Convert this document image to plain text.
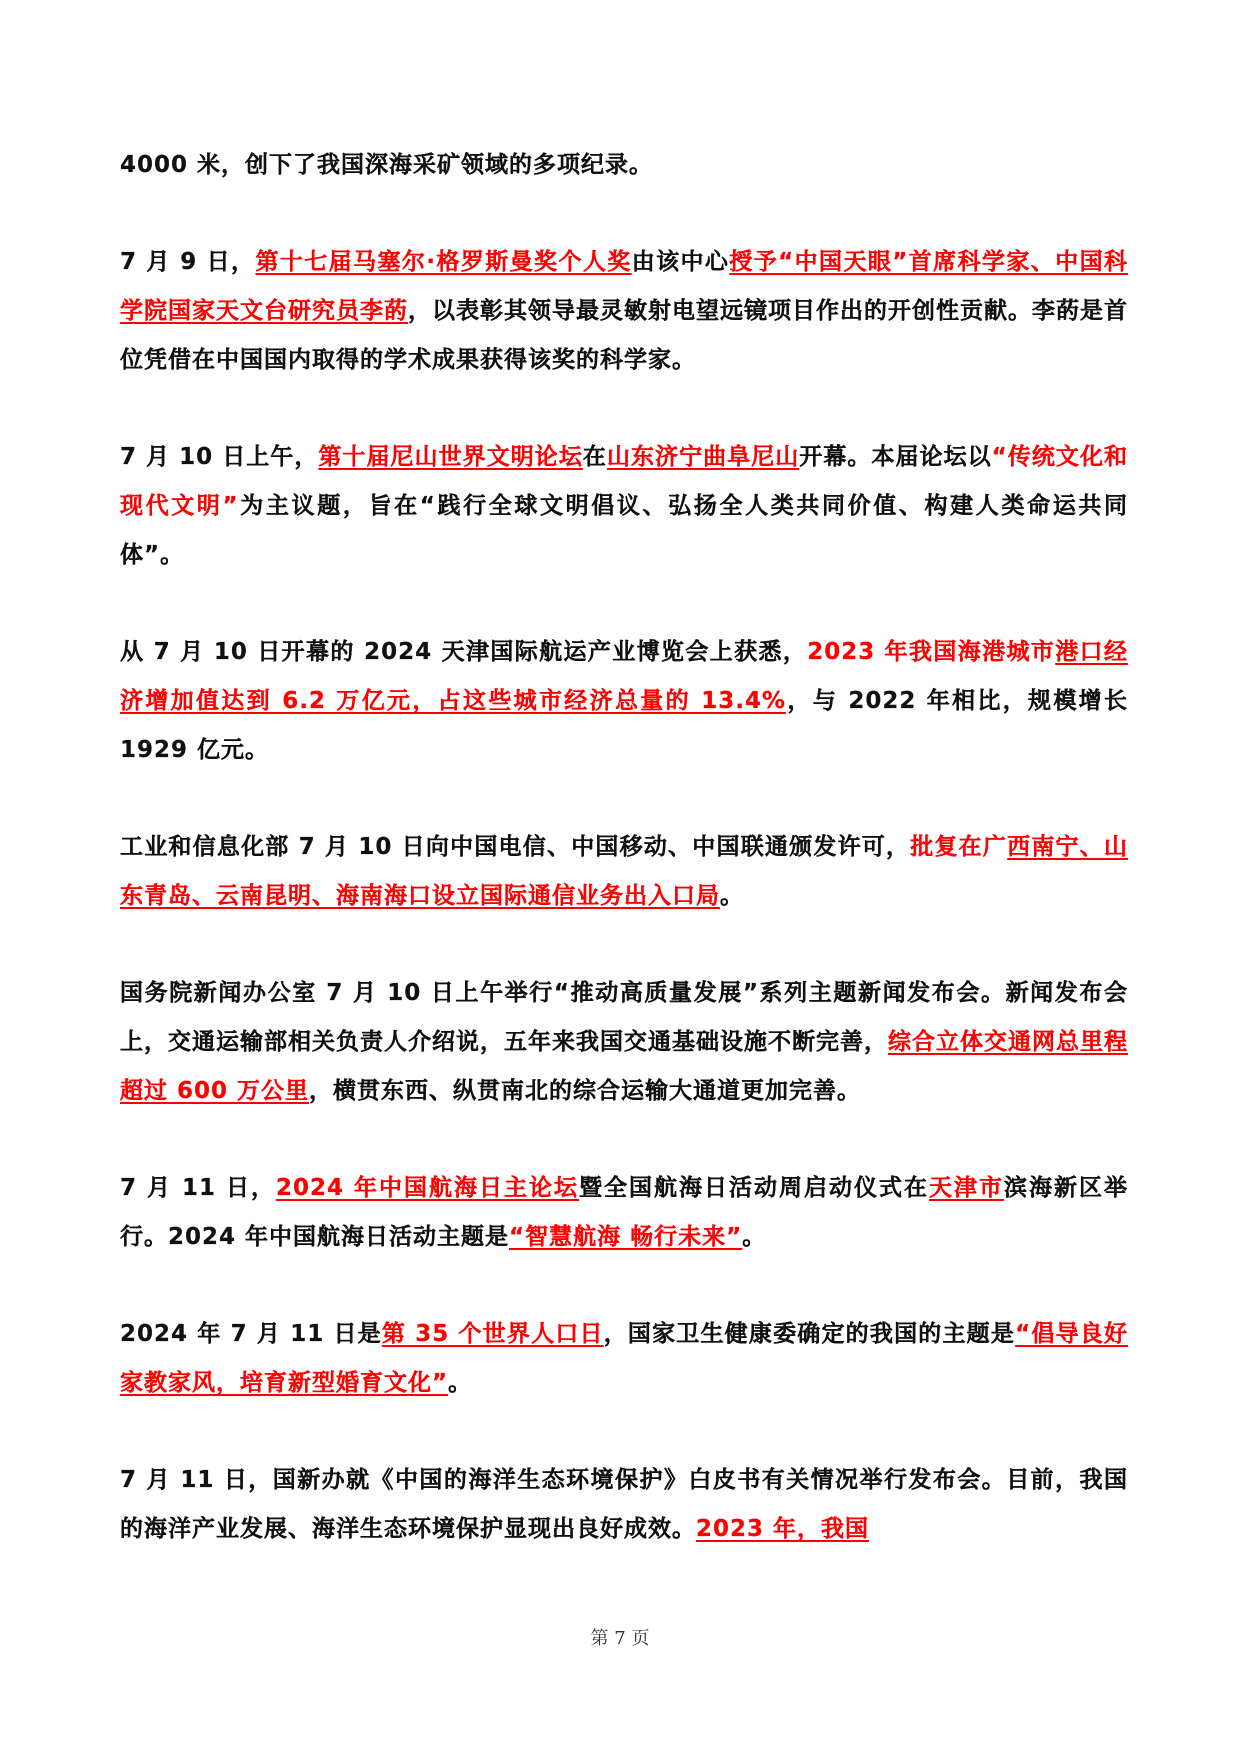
4000 米，创下了我国深海采矿领域的多项纪录。

7 月 9 日，第十七届马塞尔·格罗斯曼奖个人奖由该中心授予“中国天眼”首席科学家、中国科学院国家天文台研究员李菂，以表彰其领导最灵敏射电望远镜项目作出的开创性贡献。李菂是首位凭借在中国国内取得的学术成果获得该奖的科学家。

7 月 10 日上午，第十届尼山世界文明论坛在山东济宁曲阜尼山开幕。本届论坛以“传统文化和现代文明”为主议题，旨在“践行全球文明倡议、弘扬全人类共同价值、构建人类命运共同体”。

从 7 月 10 日开幕的 2024 天津国际航运产业博览会上获悉，2023 年我国海港城市港口经济增加值达到 6.2 万亿元，占这些城市经济总量的 13.4%，与 2022 年相比，规模增长 1929 亿元。

工业和信息化部 7 月 10 日向中国电信、中国移动、中国联通颁发许可，批复在广西南宁、山东青岛、云南昆明、海南海口设立国际通信业务出入口局。

国务院新闻办公室 7 月 10 日上午举行“推动高质量发展”系列主题新闻发布会。新闻发布会上，交通运输部相关负责人介绍说，五年来我国交通基础设施不断完善，综合立体交通网总里程超过 600 万公里，横贯东西、纵贯南北的综合运输大通道更加完善。

7 月 11 日，2024 年中国航海日主论坛暨全国航海日活动周启动仪式在天津市滨海新区举行。2024 年中国航海日活动主题是“智慧航海 畅行未来”。

2024 年 7 月 11 日是第 35 个世界人口日，国家卫生健康委确定的我国的主题是“倡导良好家教家风，培育新型婚育文化”。

7 月 11 日，国新办就《中国的海洋生态环境保护》白皮书有关情况举行发布会。目前，我国的海洋产业发展、海洋生态环境保护显现出良好成效。2023 年，我国

第 7 页
